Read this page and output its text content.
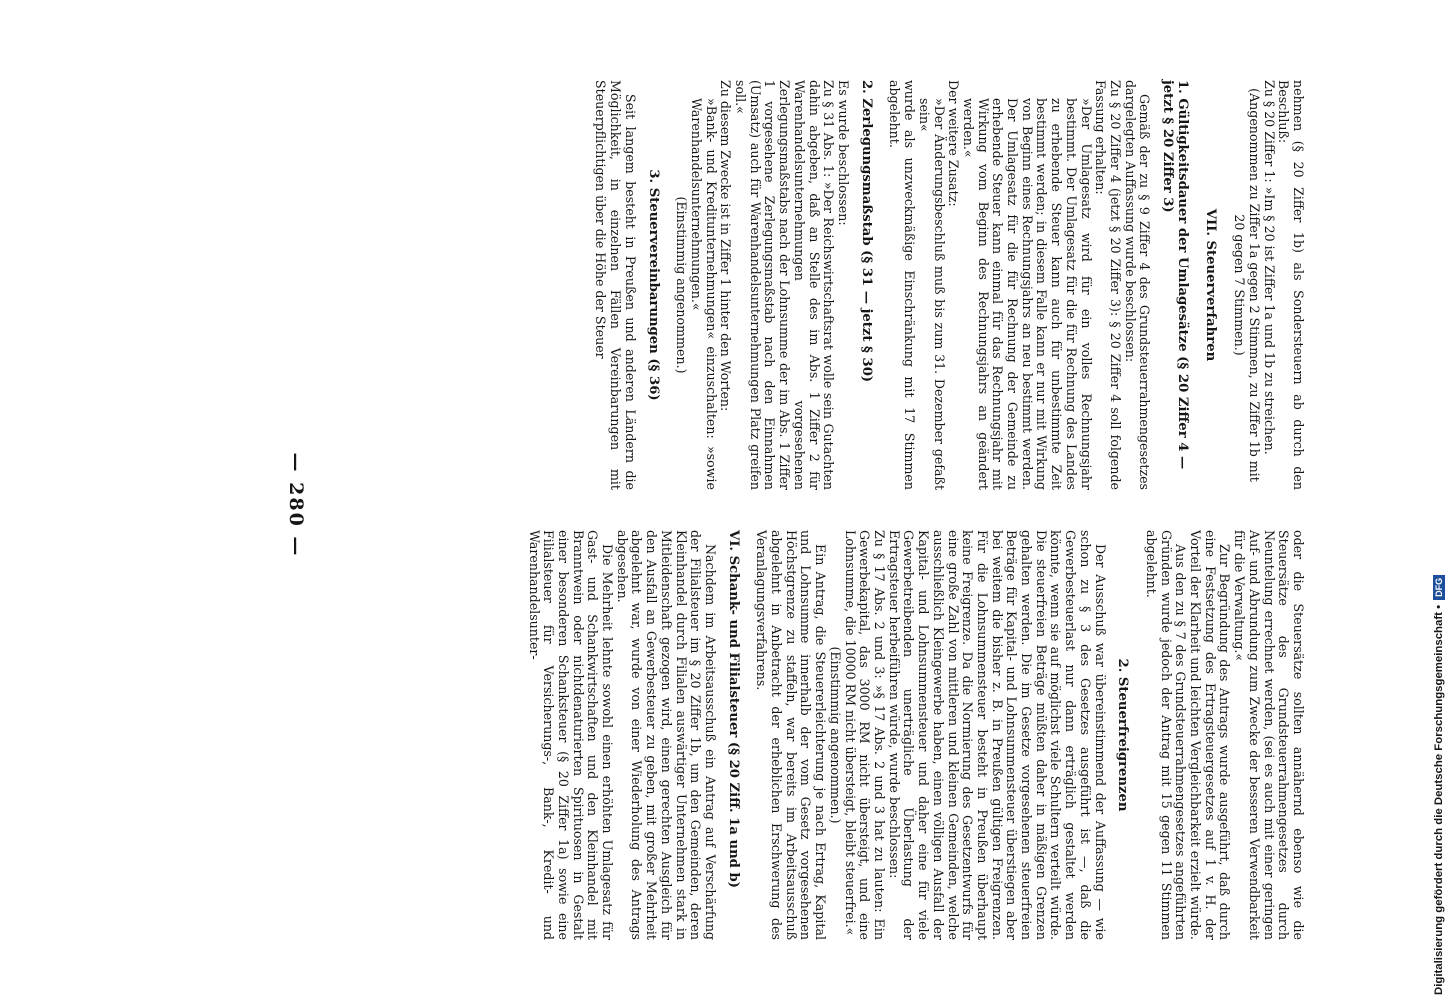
— 280 —

oder die Steuersätze sollten annähernd ebenso wie die Steuersätze des Grundsteuerrahmengesetzes durch Neuntelung errechnet werden, (sei es auch mit einer geringen Auf- und Abrundung zum Zwecke der besseren Verwendbarkeit für die Verwaltung.«

Zur Begründung des Antrags wurde ausgeführt, daß durch eine Festsetzung des Ertragsteuergesetzes auf 1 v. H. der Vorteil der Klarheit und leichten Vergleichbarkeit erzielt würde.

Aus den zu § 7 des Grundsteuerrahmengesetzes angeführten Gründen wurde jedoch der Antrag mit 15 gegen 11 Stimmen abgelehnt.

2. Steuerfreigrenzen

Der Ausschuß war übereinstimmend der Auffassung — wie schon zu § 3 des Gesetzes ausgeführt ist —, daß die Gewerbesteuerlast nur dann erträglich gestaltet werden könnte, wenn sie auf möglichst viele Schultern verteilt würde. Die steuerfreien Beträge müßten daher in mäßigen Grenzen gehalten werden. Die im Gesetze vorgesehenen steuerfreien Beträge für Kapital- und Lohnsummensteuer überstiegen aber bei weitem die bisher z. B. in Preußen gültigen Freigrenzen. Für die Lohnsummensteuer besteht in Preußen überhaupt keine Freigrenze. Da die Normierung des Gesetzentwurfs für eine große Zahl von mittleren und kleinen Gemeinden, welche ausschließlich Kleingewerbe haben, einen völligen Ausfall der Kapital- und Lohnsummensteuer und daher eine für viele Gewerbetreibenden unerträgliche Überlastung der Ertragsteuer herbeiführen würde, wurde beschlossen:

Zu § 17 Abs. 2 und 3: »§ 17 Abs. 2 und 3 hat zu lauten: Ein Gewerbekapital, das 3000 RM nicht übersteigt, und eine Lohnsumme, die 10000 RM nicht übersteigt, bleibt steuerfrei.«

(Einstimmig angenommen.)

Ein Antrag, die Steuererleichterung je nach Ertrag, Kapital und Lohnsumme innerhalb der vom Gesetz vorgesehenen Höchstgrenze zu staffeln, war bereits im Arbeitsausschuß abgelehnt in Anbetracht der erheblichen Erschwerung des Veranlagungsverfahrens.

VI. Schank- und Filialsteuer (§ 20 Ziff. 1a und b)

Nachdem im Arbeitsausschuß ein Antrag auf Verschärfung der Filialsteuer im § 20 Ziffer 1b, um den Gemeinden, deren Kleinhandel durch Filialen auswärtiger Unternehmen stark in Mitleidenschaft gezogen wird, einen gerechten Ausgleich für den Ausfall an Gewerbesteuer zu geben, mit großer Mehrheit abgelehnt war, wurde von einer Wiederholung des Antrags abgesehen.

Die Mehrheit lehnte sowohl einen erhöhten Umlagesatz für Gast- und Schankwirtschaften und den Kleinhandel mit Branntwein oder nichtdenaturierten Spirituosen in Gestalt einer besonderen Schanksteuer (§ 20 Ziffer 1a) sowie eine Filialsteuer für Versicherungs-, Bank-, Kredit- und Warenhandelsunter-

nehmen (§ 20 Ziffer 1b) als Sondersteuern ab durch den Beschluß:

Zu § 20 Ziffer 1: »Im § 20 ist Ziffer 1a und 1b zu streichen.

(Angenommen zu Ziffer 1a gegen 2 Stimmen, zu Ziffer 1b mit 20 gegen 7 Stimmen.)

VII. Steuerverfahren
1. Gültigkeitsdauer der Umlagesätze (§ 20 Ziffer 4 — jetzt § 20 Ziffer 3)

Gemäß der zu § 9 Ziffer 4 des Grundsteuerrahmengesetzes dargelegten Auffassung wurde beschlossen:

Zu § 20 Ziffer 4 (jetzt § 20 Ziffer 3): § 20 Ziffer 4 soll folgende Fassung erhalten:

»Der Umlagesatz wird für ein volles Rechnungsjahr bestimmt. Der Umlagesatz für die für Rechnung des Landes zu erhebende Steuer kann auch für unbestimmte Zeit bestimmt werden; in diesem Falle kann er nur mit Wirkung von Beginn eines Rechnungsjahrs an neu bestimmt werden. Der Umlagesatz für die für Rechnung der Gemeinde zu erhebende Steuer kann einmal für das Rechnungsjahr mit Wirkung vom Beginn des Rechnungsjahrs an geändert werden.«

Der weitere Zusatz:

»Der Änderungsbeschluß muß bis zum 31. Dezember gefaßt sein«

wurde als unzweckmäßige Einschränkung mit 17 Stimmen abgelehnt.

2. Zerlegungsmaßstab (§ 31 — jetzt § 30)

Es wurde beschlossen:

Zu § 31 Abs. 1: »Der Reichswirtschaftsrat wolle sein Gutachten dahin abgeben, daß an Stelle des im Abs. 1 Ziffer 2 für Warenhandelsunternehmungen vorgesehenen Zerlegungsmaßstabs nach der Lohnsumme der im Abs. 1 Ziffer 1 vorgesehene Zerlegungsmaßstab nach den Einnahmen (Umsatz) auch für Warenhandelsunternehmungen Platz greifen soll.«

Zu diesem Zwecke ist in Ziffer 1 hinter den Worten:

»Bank- und Kreditunternehmungen« einzuschalten: »sowie Warenhandelsunternehmungen.«

(Einstimmig angenommen.)

3. Steuervereinbarungen (§ 36)

Seit langem besteht in Preußen und anderen Ländern die Möglichkeit, in einzelnen Fällen Vereinbarungen mit Steuerpflichtigen über die Höhe der Steuer

Digitalisierung gefördert durch die Deutsche Forschungsgemeinschaft •DFG
